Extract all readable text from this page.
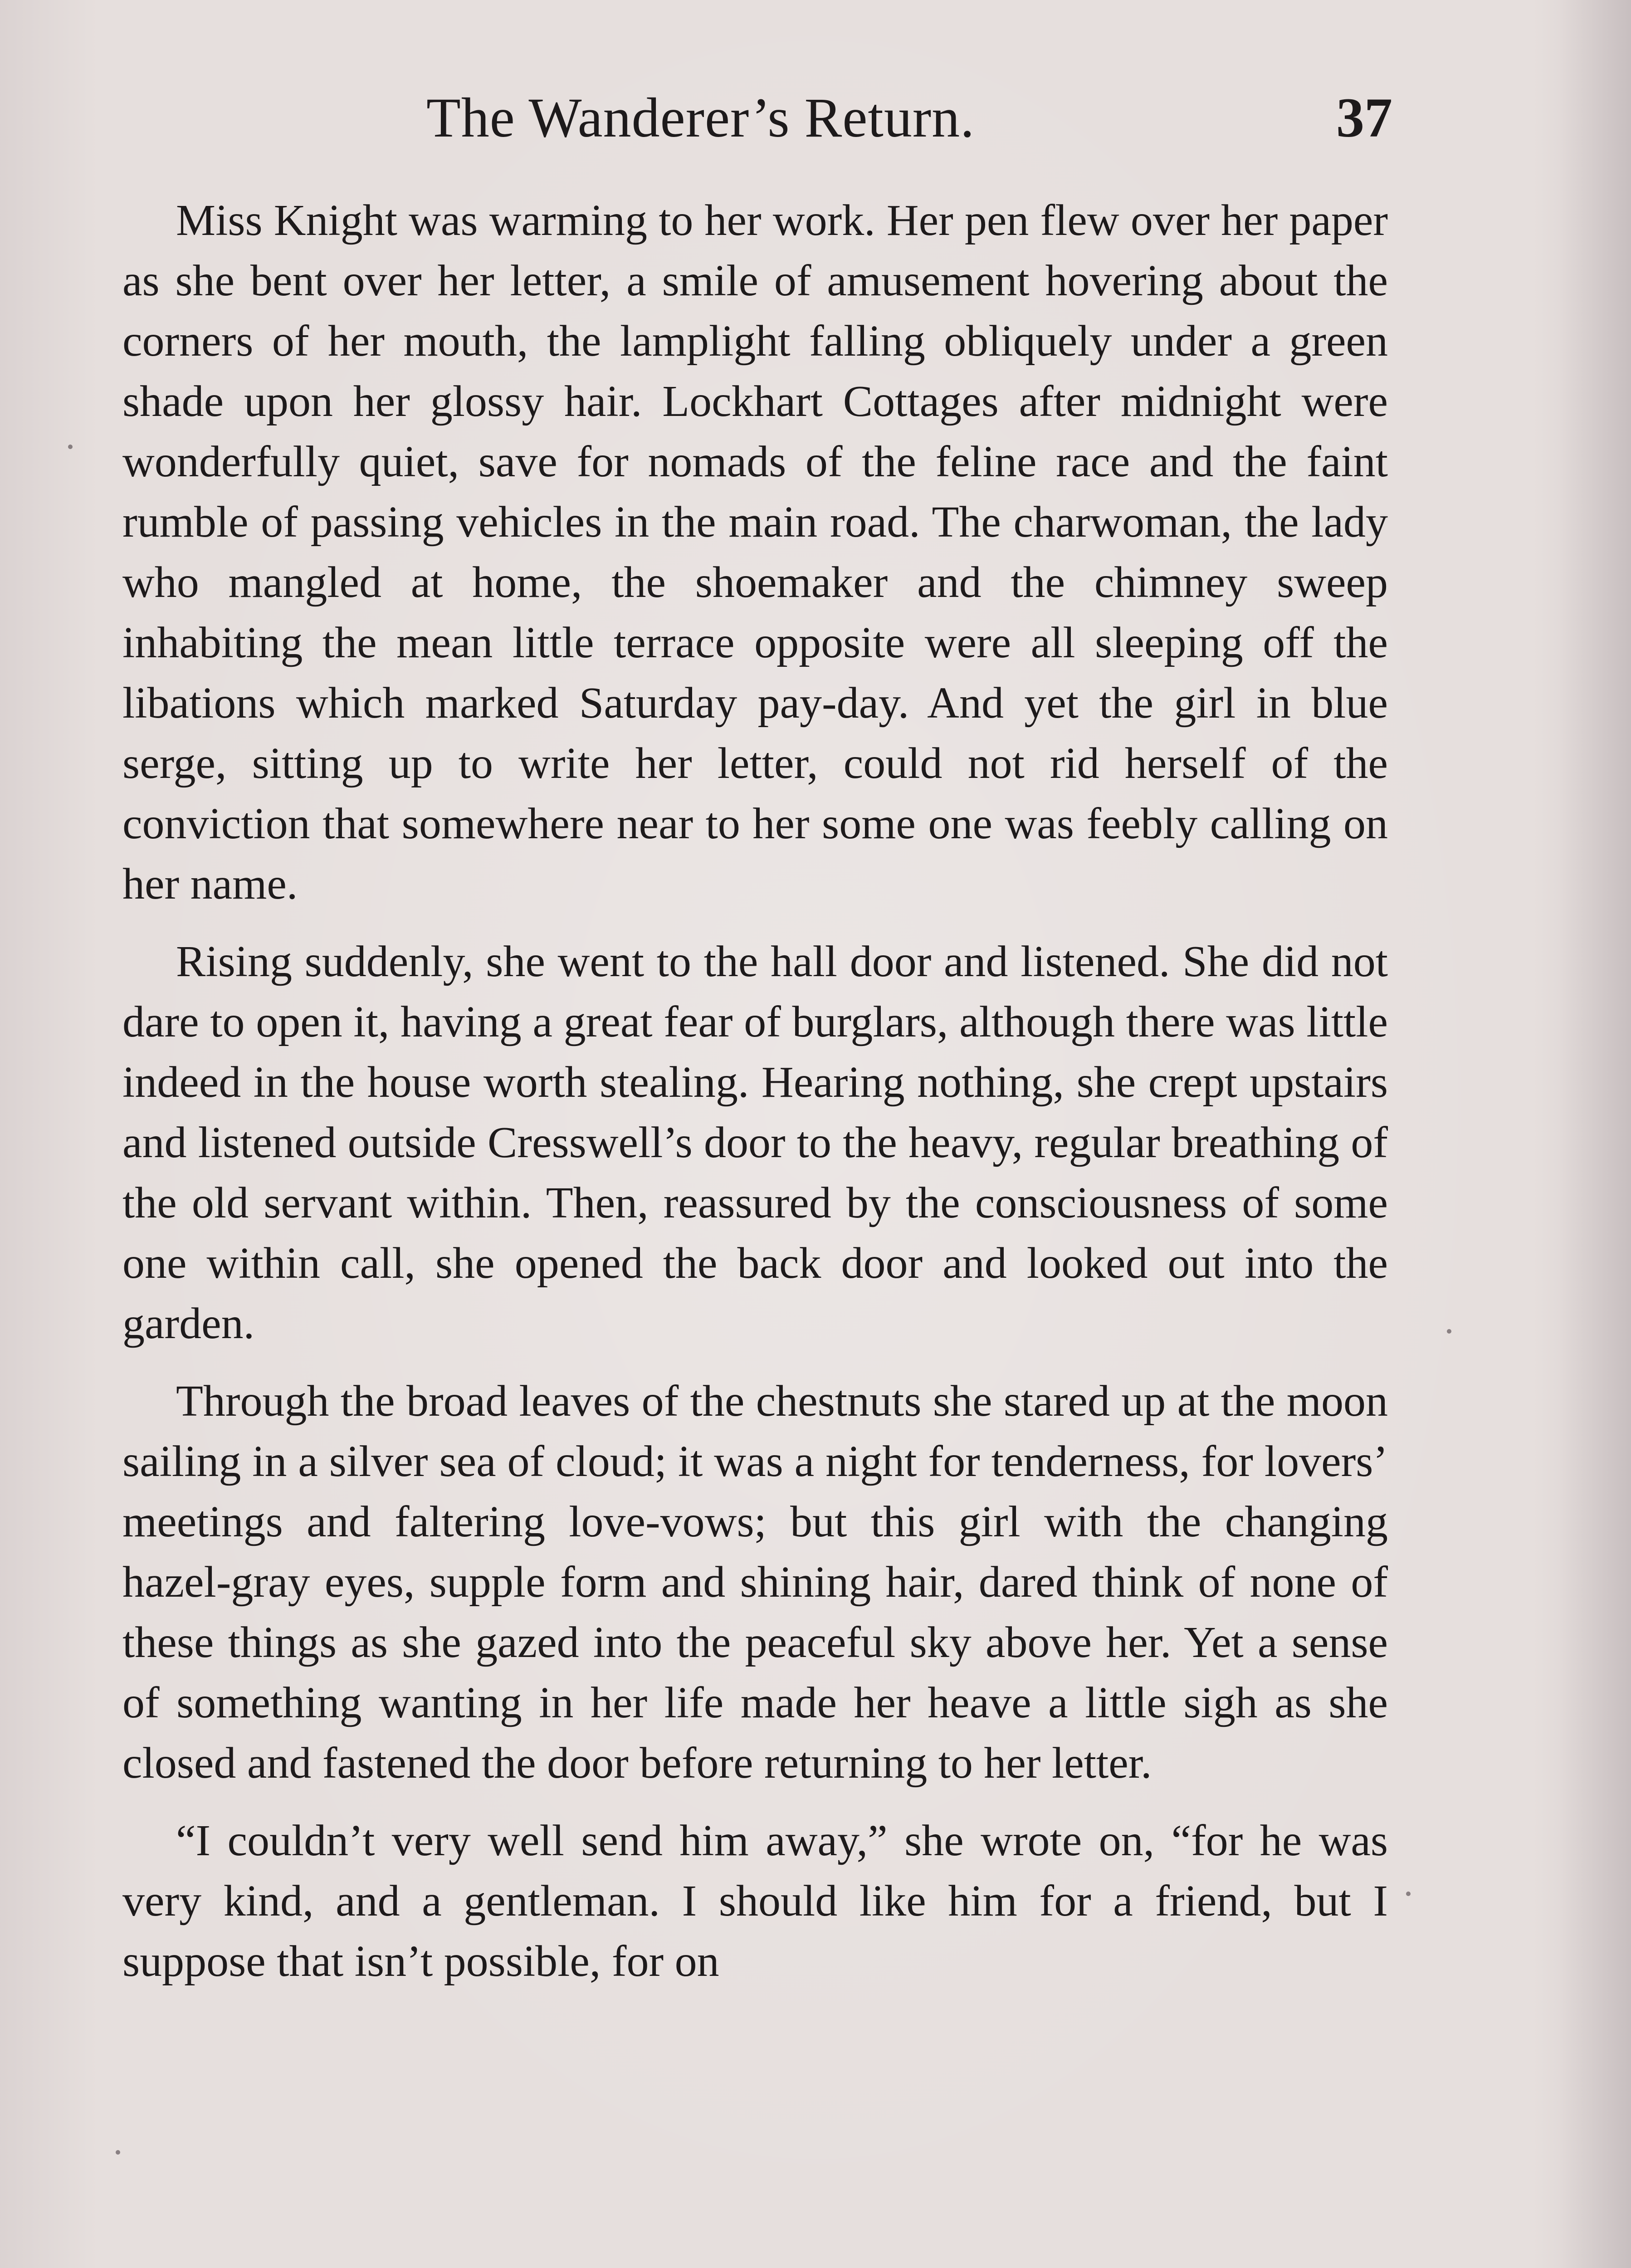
The Wanderer’s Return.	37

Miss Knight was warming to her work. Her pen flew over her paper as she bent over her letter, a smile of amusement hovering about the corners of her mouth, the lamplight falling obliquely under a green shade upon her glossy hair. Lockhart Cottages after midnight were wonderfully quiet, save for nomads of the feline race and the faint rumble of passing vehicles in the main road. The charwoman, the lady who mangled at home, the shoemaker and the chimney sweep inhabiting the mean little terrace opposite were all sleeping off the libations which marked Saturday pay-day. And yet the girl in blue serge, sitting up to write her letter, could not rid herself of the conviction that somewhere near to her some one was feebly calling on her name.

Rising suddenly, she went to the hall door and listened. She did not dare to open it, having a great fear of burglars, although there was little indeed in the house worth stealing. Hearing nothing, she crept upstairs and listened outside Cresswell’s door to the heavy, regular breathing of the old servant within. Then, reassured by the consciousness of some one within call, she opened the back door and looked out into the garden.

Through the broad leaves of the chestnuts she stared up at the moon sailing in a silver sea of cloud; it was a night for tenderness, for lovers’ meetings and faltering love-vows; but this girl with the changing hazel-gray eyes, supple form and shining hair, dared think of none of these things as she gazed into the peaceful sky above her. Yet a sense of something wanting in her life made her heave a little sigh as she closed and fastened the door before returning to her letter.

“I couldn’t very well send him away,” she wrote on, “for he was very kind, and a gentleman. I should like him for a friend, but I suppose that isn’t possible, for on
